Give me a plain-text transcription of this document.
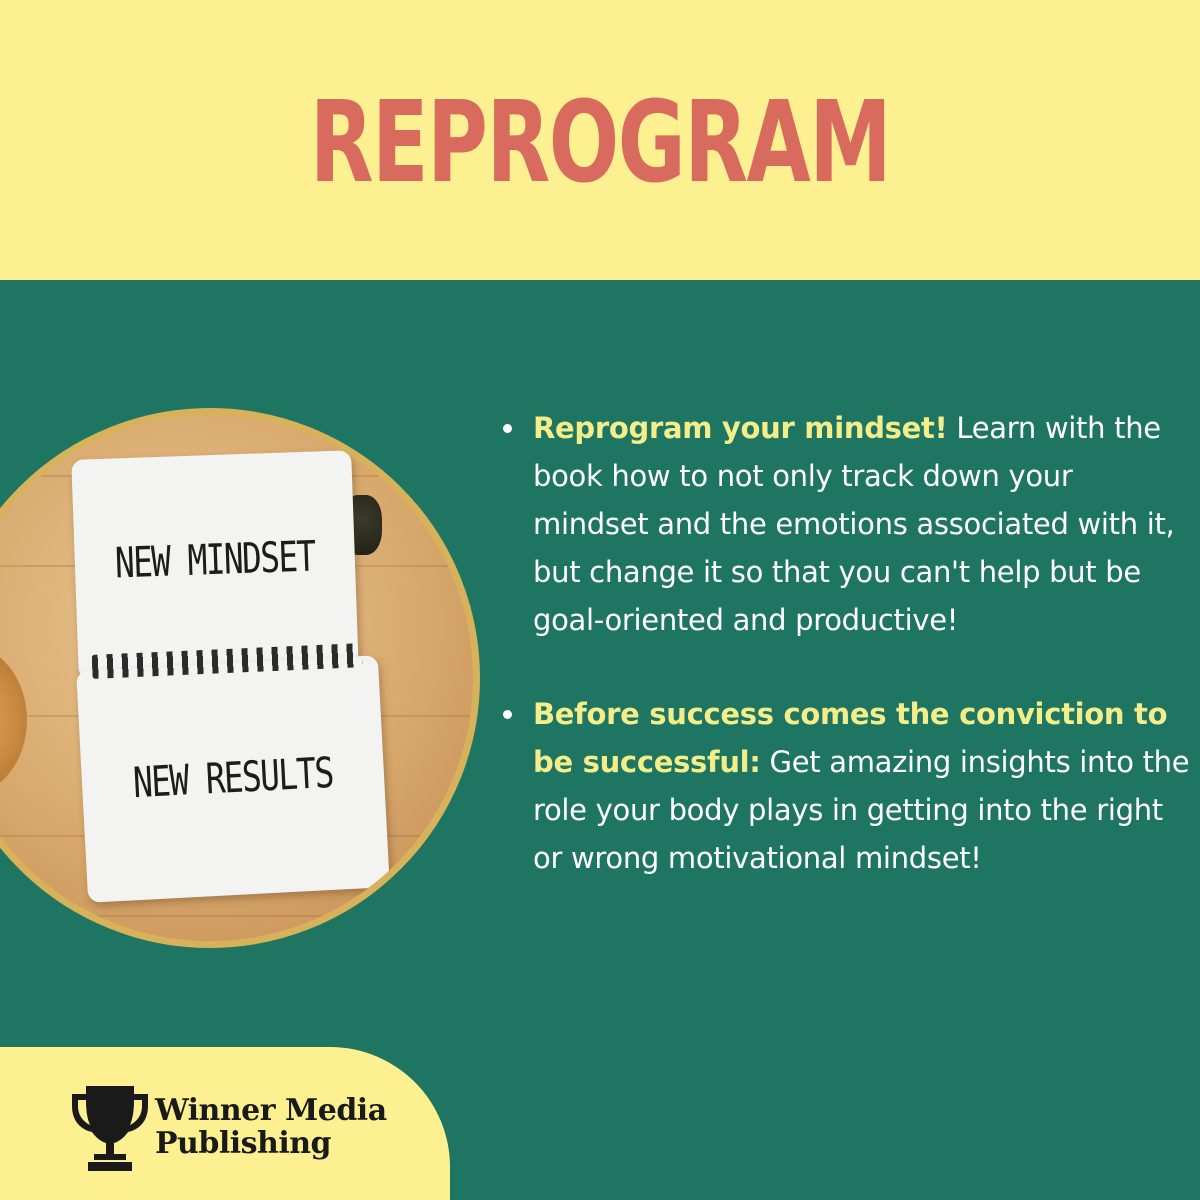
REPROGRAM
NEW MINDSET
NEW RESULTS
Reprogram your mindset! Learn with the book how to not only track down your mindset and the emotions associated with it, but change it so that you can't help but be goal-oriented and productive!
Before success comes the conviction to be successful: Get amazing insights into the role your body plays in getting into the right or wrong motivational mindset!
Winner Media
Publishing
